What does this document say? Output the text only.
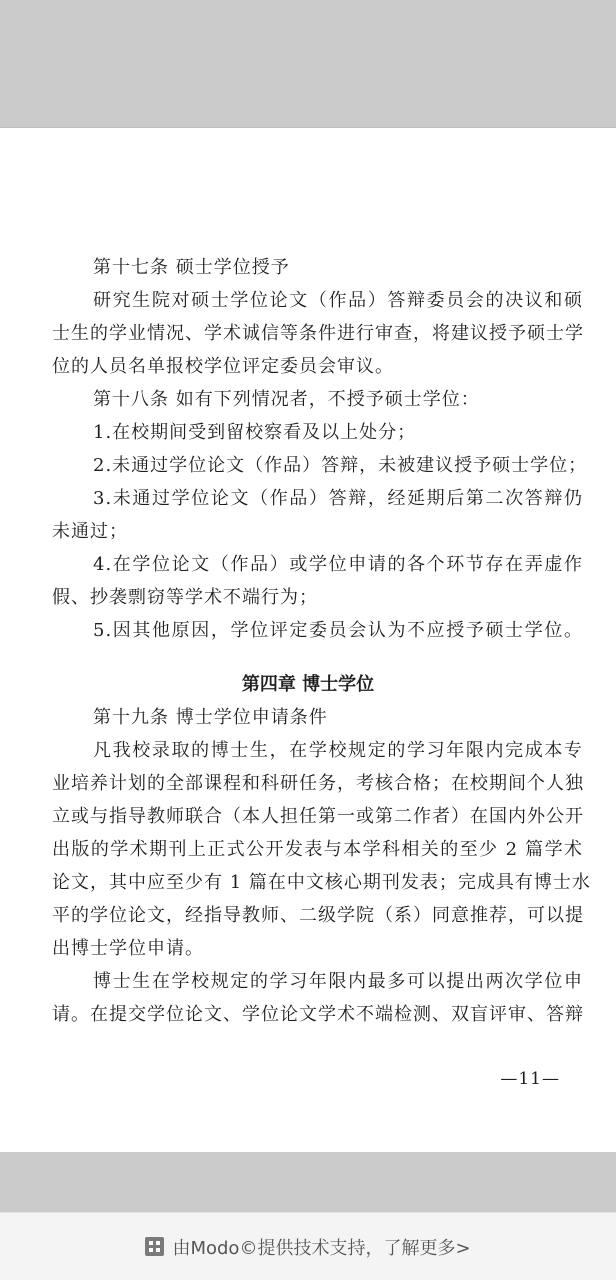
第十七条 硕士学位授予
研究生院对硕士学位论文（作品）答辩委员会的决议和硕
士生的学业情况、学术诚信等条件进行审查，将建议授予硕士学
位的人员名单报校学位评定委员会审议。
第十八条 如有下列情况者，不授予硕士学位：
1.在校期间受到留校察看及以上处分；
2.未通过学位论文（作品）答辩，未被建议授予硕士学位；
3.未通过学位论文（作品）答辩，经延期后第二次答辩仍
未通过；
4.在学位论文（作品）或学位申请的各个环节存在弄虚作
假、抄袭剽窃等学术不端行为；
5.因其他原因，学位评定委员会认为不应授予硕士学位。
第四章 博士学位
第十九条 博士学位申请条件
凡我校录取的博士生，在学校规定的学习年限内完成本专
业培养计划的全部课程和科研任务，考核合格；在校期间个人独
立或与指导教师联合（本人担任第一或第二作者）在国内外公开
出版的学术期刊上正式公开发表与本学科相关的至少 2 篇学术
论文，其中应至少有 1 篇在中文核心期刊发表；完成具有博士水
平的学位论文，经指导教师、二级学院（系）同意推荐，可以提
出博士学位申请。
博士生在学校规定的学习年限内最多可以提出两次学位申
请。在提交学位论文、学位论文学术不端检测、双盲评审、答辩
—11—
由Modo©提供技术支持，了解更多>
